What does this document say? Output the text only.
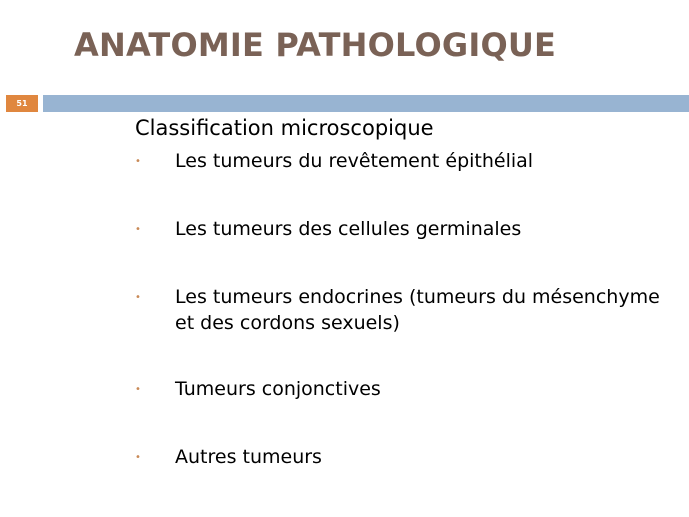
ANATOMIE PATHOLOGIQUE
51
Classification microscopique
• Les tumeurs du revêtement épithélial
• Les tumeurs des cellules germinales
• Les tumeurs endocrines (tumeurs du mésenchyme et des cordons sexuels)
• Tumeurs conjonctives
• Autres tumeurs
